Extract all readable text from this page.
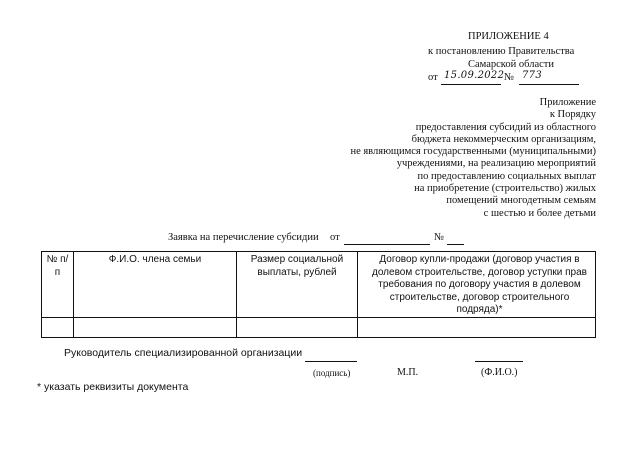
ПРИЛОЖЕНИЕ 4
к постановлению Правительства
Самарской области
от 15.09.2022 № 773
Приложение
к Порядку
предоставления субсидий из областного
бюджета некоммерческим организациям,
не являющимся государственными (муниципальными)
учреждениями, на реализацию мероприятий
по предоставлению социальных выплат
на приобретение (строительство) жилых
помещений многодетным семьям
с шестью и более детьми
Заявка на перечисление субсидии от	№
№ п/п	Ф.И.О. члена семьи	Размер социальной выплаты, рублей	Договор купли-продажи (договор участия в долевом строительстве, договор уступки прав требования по договору участия в долевом строительстве, договор строительного подряда)*

Руководитель специализированной организации
(подпись)	М.П.	(Ф.И.О.)
* указать реквизиты документа
